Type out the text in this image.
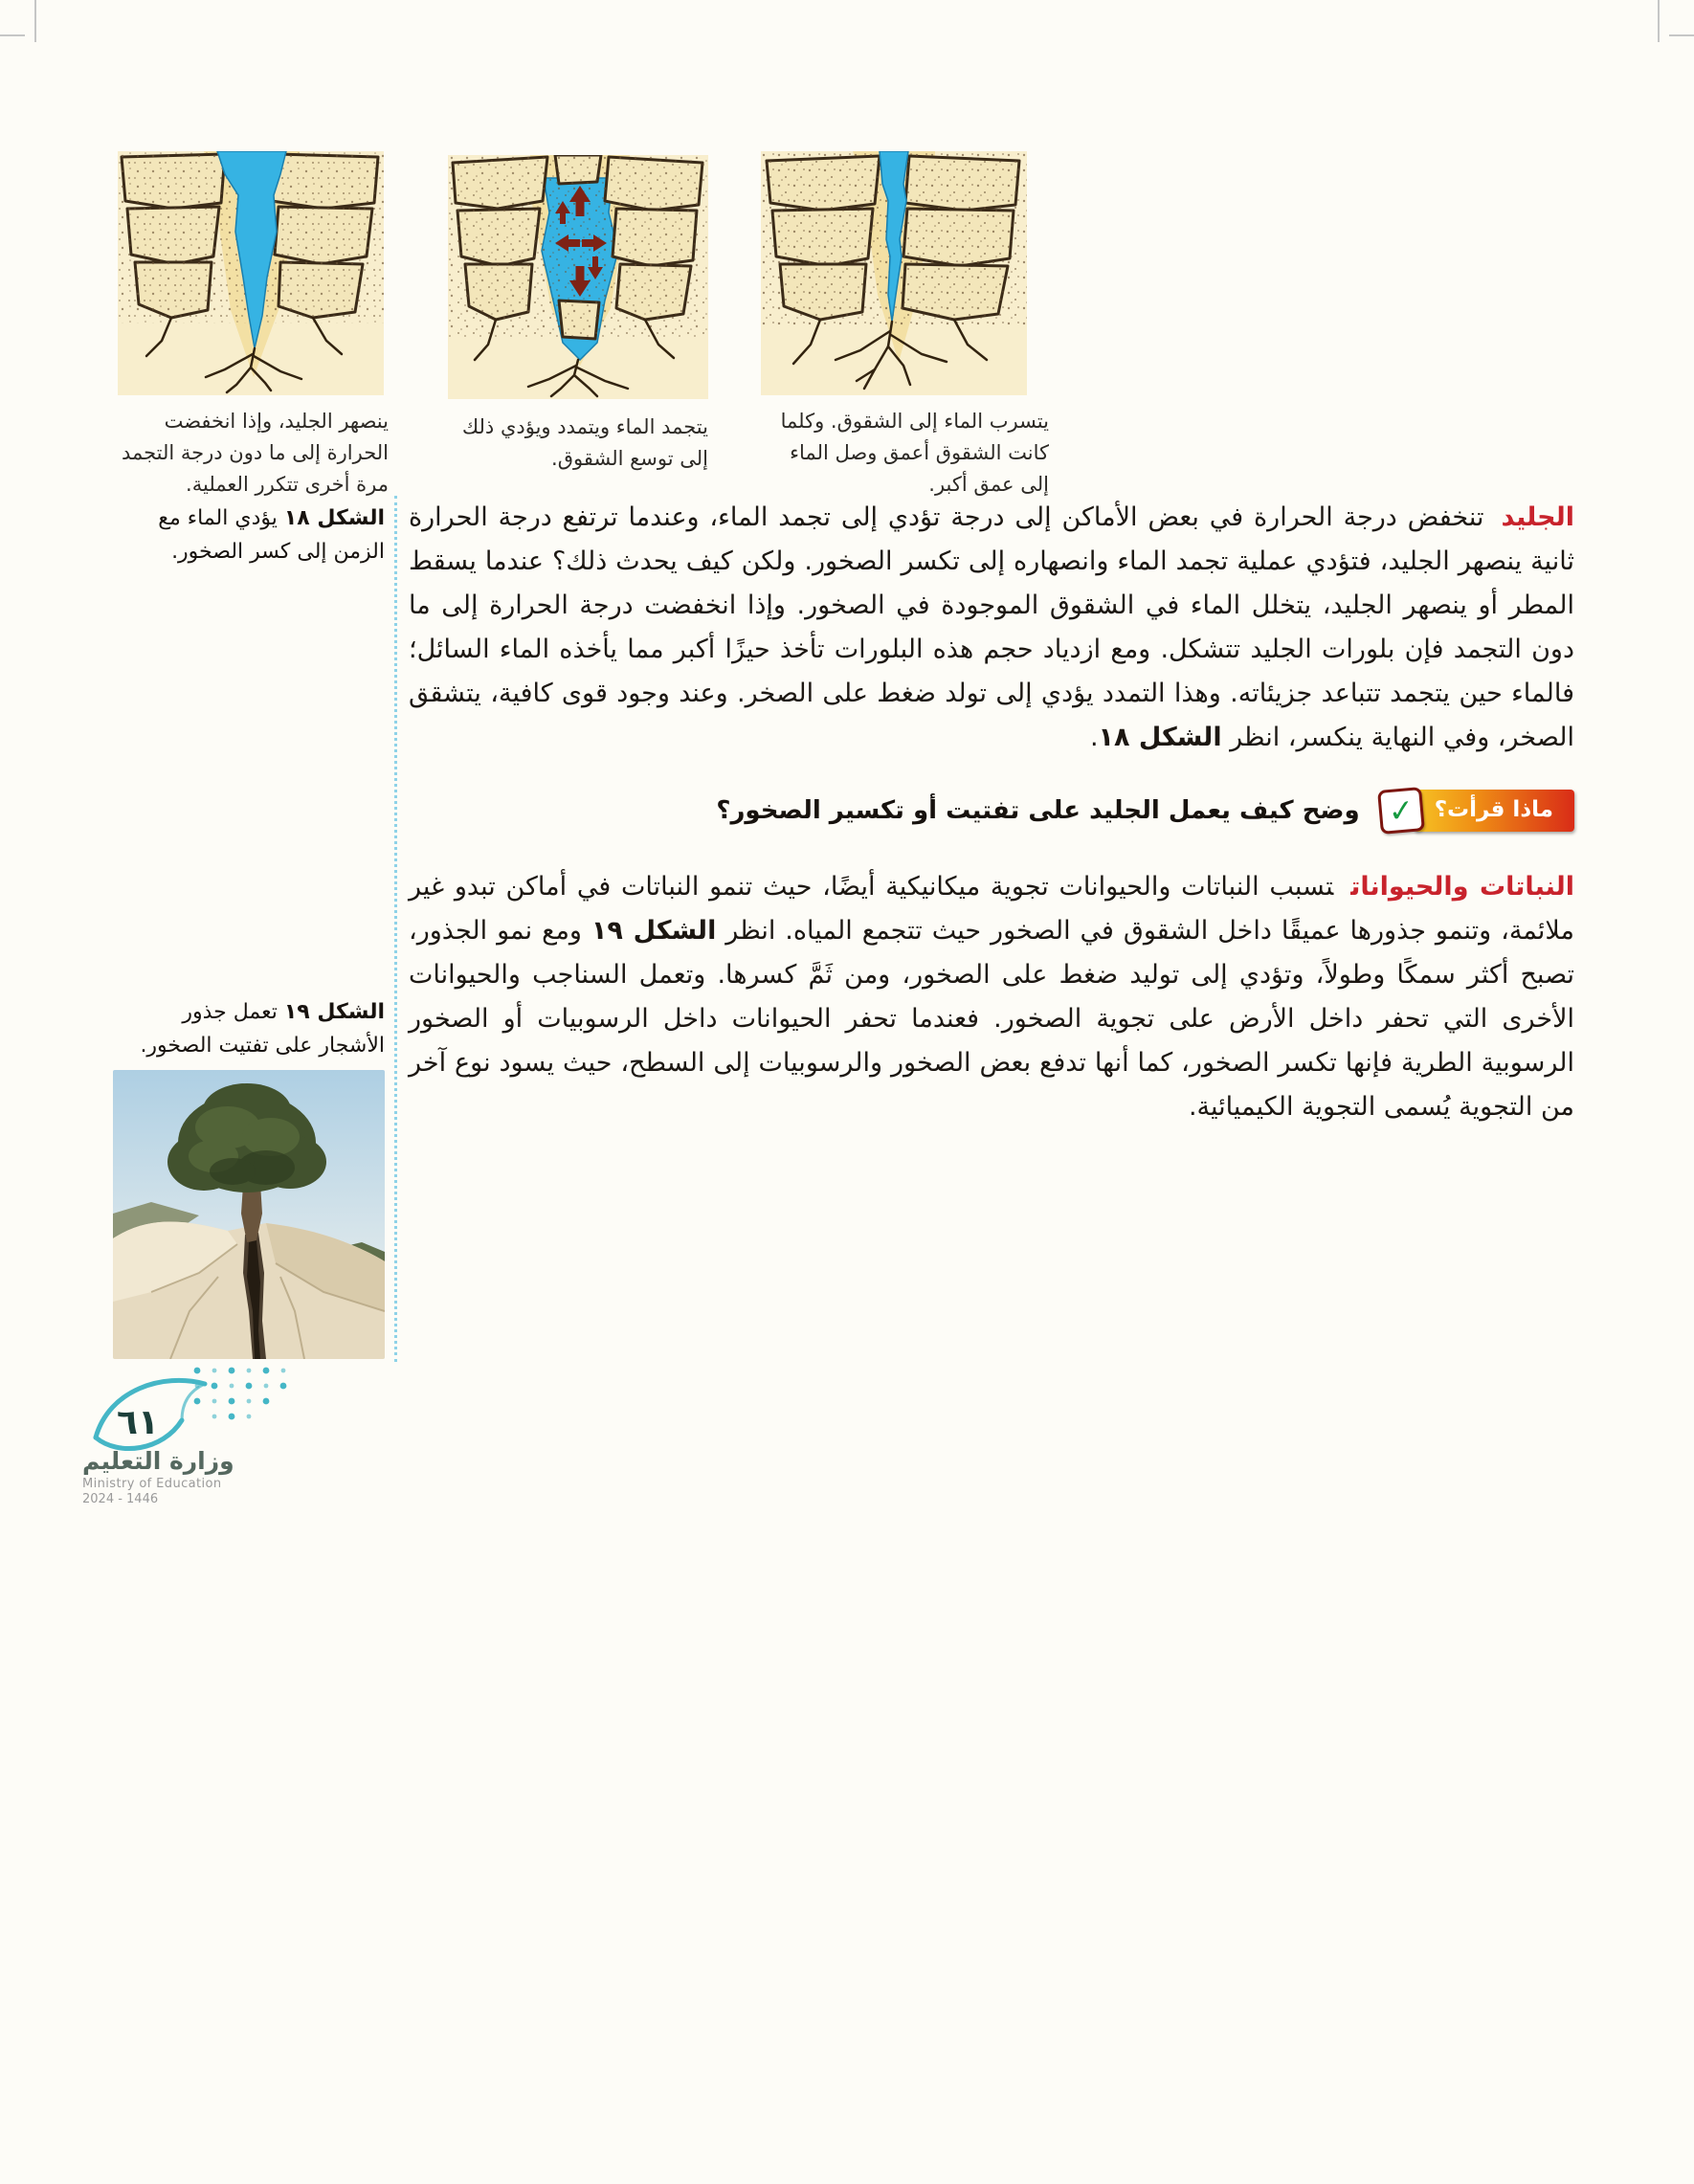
يتسرب الماء إلى الشقوق. وكلما كانت الشقوق أعمق وصل الماء إلى عمق أكبر.
يتجمد الماء ويتمدد ويؤدي ذلك إلى توسع الشقوق.
ينصهر الجليد، وإذا انخفضت الحرارة إلى ما دون درجة التجمد مرة أخرى تتكرر العملية.

الجليدتنخفض درجة الحرارة في بعض الأماكن إلى درجة تؤدي إلى تجمد الماء، وعندما ترتفع درجة الحرارة ثانية ينصهر الجليد، فتؤدي عملية تجمد الماء وانصهاره إلى تكسر الصخور. ولكن كيف يحدث ذلك؟ عندما يسقط المطر أو ينصهر الجليد، يتخلل الماء في الشقوق الموجودة في الصخور. وإذا انخفضت درجة الحرارة إلى ما دون التجمد فإن بلورات الجليد تتشكل. ومع ازدياد حجم هذه البلورات تأخذ حيزًا أكبر مما يأخذه الماء السائل؛ فالماء حين يتجمد تتباعد جزيئاته. وهذا التمدد يؤدي إلى تولد ضغط على الصخر. وعند وجود قوى كافية، يتشقق الصخر، وفي النهاية ينكسر، انظر الشكل ١٨.

ماذا قرأت؟
✓
وضح كيف يعمل الجليد على تفتيت أو تكسير الصخور؟

النباتات والحيواناتتسبب النباتات والحيوانات تجوية ميكانيكية أيضًا، حيث تنمو النباتات في أماكن تبدو غير ملائمة، وتنمو جذورها عميقًا داخل الشقوق في الصخور حيث تتجمع المياه. انظر الشكل ١٩ ومع نمو الجذور، تصبح أكثر سمكًا وطولاً، وتؤدي إلى توليد ضغط على الصخور، ومن ثَمَّ كسرها. وتعمل السناجب والحيوانات الأخرى التي تحفر داخل الأرض على تجوية الصخور. فعندما تحفر الحيوانات داخل الرسوبيات أو الصخور الرسوبية الطرية فإنها تكسر الصخور، كما أنها تدفع بعض الصخور والرسوبيات إلى السطح، حيث يسود نوع آخر من التجوية يُسمى التجوية الكيميائية.

الشكل ١٨ يؤدي الماء مع الزمن إلى كسر الصخور.
الشكل ١٩ تعمل جذور الأشجار على تفتيت الصخور.
٦١
وزارة التعليم
Ministry of Education
2024 - 1446
